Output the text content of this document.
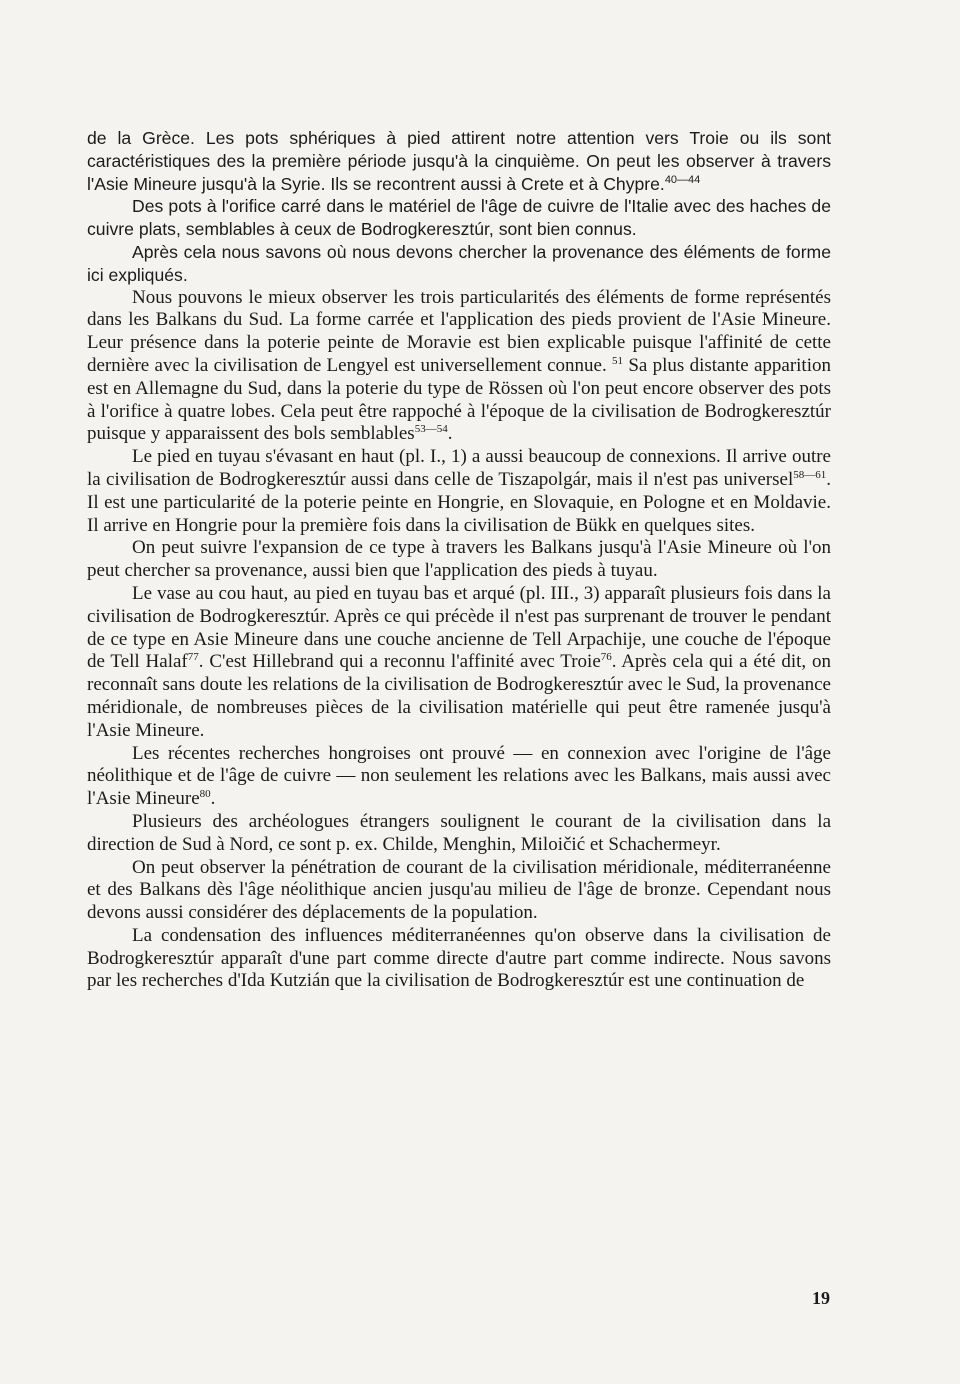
de la Grèce. Les pots sphériques à pied attirent notre attention vers Troie ou ils sont caractéristiques des la première période jusqu'à la cinquième. On peut les observer à travers l'Asie Mineure jusqu'à la Syrie. Ils se recontrent aussi à Crete et à Chypre.$^{40—44}$

Des pots à l'orifice carré dans le matériel de l'âge de cuivre de l'Italie avec des haches de cuivre plats, semblables à ceux de Bodrogkeresztúr, sont bien connus.

Après cela nous savons où nous devons chercher la provenance des éléments de forme ici expliqués.

Nous pouvons le mieux observer les trois particularités des éléments de forme représentés dans les Balkans du Sud. La forme carrée et l'application des pieds provient de l'Asie Mineure. Leur présence dans la poterie peinte de Moravie est bien explicable puisque l'affinité de cette dernière avec la civilisation de Lengyel est universellement connue. $^{51}$ Sa plus distante apparition est en Allemagne du Sud, dans la poterie du type de Rössen où l'on peut encore observer des pots à l'orifice à quatre lobes. Cela peut être rappoché à l'époque de la civilisation de Bodrogkeresztúr puisque y apparaissent des bols semblables$^{53—54}$.

Le pied en tuyau s'évasant en haut (pl. I., 1) a aussi beaucoup de connexions. Il arrive outre la civilisation de Bodrogkeresztúr aussi dans celle de Tiszapolgár, mais il n'est pas universel$^{58—61}$. Il est une particularité de la poterie peinte en Hongrie, en Slovaquie, en Pologne et en Moldavie. Il arrive en Hongrie pour la première fois dans la civilisation de Bükk en quelques sites.

On peut suivre l'expansion de ce type à travers les Balkans jusqu'à l'Asie Mineure où l'on peut chercher sa provenance, aussi bien que l'application des pieds à tuyau.

Le vase au cou haut, au pied en tuyau bas et arqué (pl. III., 3) apparaît plusieurs fois dans la civilisation de Bodrogkeresztúr. Après ce qui précède il n'est pas surprenant de trouver le pendant de ce type en Asie Mineure dans une couche ancienne de Tell Arpachije, une couche de l'époque de Tell Halaf$^{77}$. C'est Hillebrand qui a reconnu l'affinité avec Troie$^{76}$. Après cela qui a été dit, on reconnaît sans doute les relations de la civilisation de Bodrogkeresztúr avec le Sud, la provenance méridionale, de nombreuses pièces de la civilisation matérielle qui peut être ramenée jusqu'à l'Asie Mineure.

Les récentes recherches hongroises ont prouvé — en connexion avec l'origine de l'âge néolithique et de l'âge de cuivre — non seulement les relations avec les Balkans, mais aussi avec l'Asie Mineure$^{80}$.

Plusieurs des archéologues étrangers soulignent le courant de la civilisation dans la direction de Sud à Nord, ce sont p. ex. Childe, Menghin, Miloičić et Schachermeyr.

On peut observer la pénétration de courant de la civilisation méridionale, méditerranéenne et des Balkans dès l'âge néolithique ancien jusqu'au milieu de l'âge de bronze. Cependant nous devons aussi considérer des déplacements de la population.

La condensation des influences méditerranéennes qu'on observe dans la civilisation de Bodrogkeresztúr apparaît d'une part comme directe d'autre part comme indirecte. Nous savons par les recherches d'Ida Kutzián que la civilisation de Bodrogkeresztúr est une continuation de

19
